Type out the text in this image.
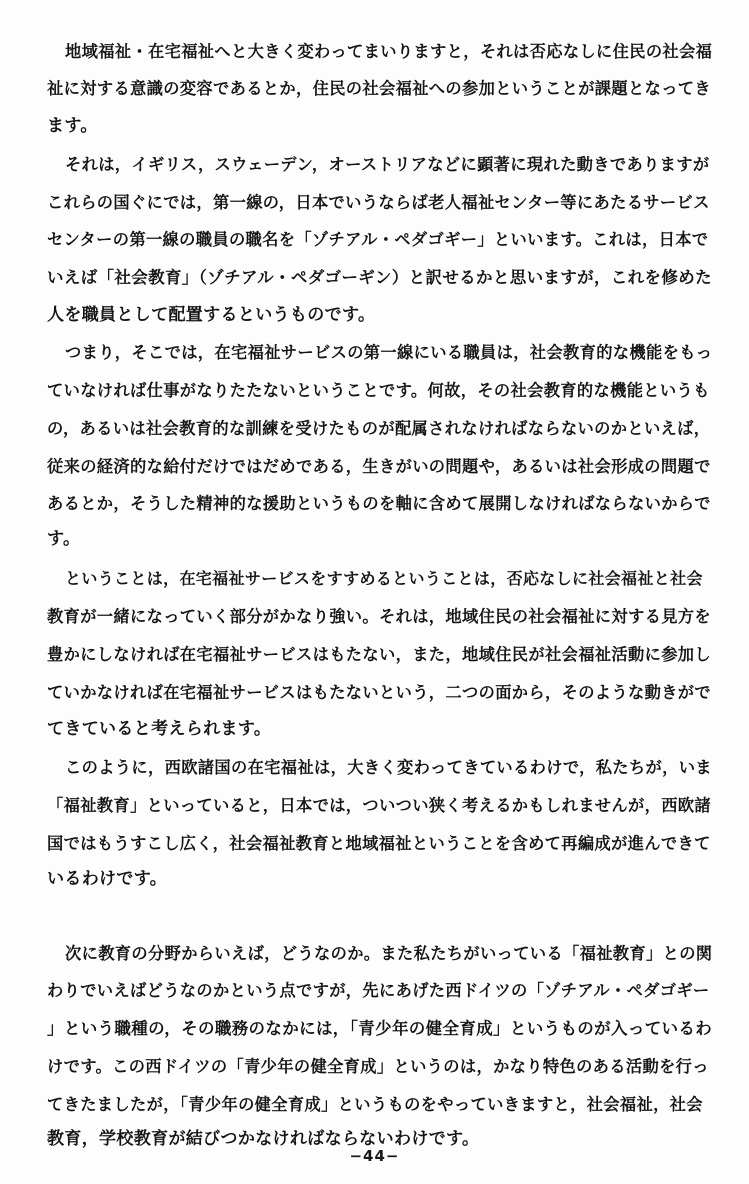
地域福祉・在宅福祉へと大きく変わってまいりますと，それは否応なしに住民の社会福
祉に対する意識の変容であるとか，住民の社会福祉への参加ということが課題となってき
ます。
それは，イギリス，スウェーデン，オーストリアなどに顕著に現れた動きでありますが
これらの国ぐにでは，第一線の，日本でいうならば老人福祉センター等にあたるサービス
センターの第一線の職員の職名を「ゾチアル・ペダゴギー」といいます。これは，日本で
いえば「社会教育」（ゾチアル・ペダゴーギン）と訳せるかと思いますが，これを修めた
人を職員として配置するというものです。
つまり，そこでは，在宅福祉サービスの第一線にいる職員は，社会教育的な機能をもっ
ていなければ仕事がなりたたないということです。何故，その社会教育的な機能というも
の，あるいは社会教育的な訓練を受けたものが配属されなければならないのかといえば，
従来の経済的な給付だけではだめである，生きがいの問題や，あるいは社会形成の問題で
あるとか，そうした精神的な援助というものを軸に含めて展開しなければならないからで
す。
ということは，在宅福祉サービスをすすめるということは，否応なしに社会福祉と社会
教育が一緒になっていく部分がかなり強い。それは，地域住民の社会福祉に対する見方を
豊かにしなければ在宅福祉サービスはもたない，また，地域住民が社会福祉活動に参加し
ていかなければ在宅福祉サービスはもたないという，二つの面から，そのような動きがで
てきていると考えられます。
このように，西欧諸国の在宅福祉は，大きく変わってきているわけで，私たちが，いま
「福祉教育」といっていると，日本では，ついつい狭く考えるかもしれませんが，西欧諸
国ではもうすこし広く，社会福祉教育と地域福祉ということを含めて再編成が進んできて
いるわけです。
次に教育の分野からいえば，どうなのか。また私たちがいっている「福祉教育」との関
わりでいえばどうなのかという点ですが，先にあげた西ドイツの「ゾチアル・ペダゴギー
」という職種の，その職務のなかには，「青少年の健全育成」というものが入っているわ
けです。この西ドイツの「青少年の健全育成」というのは，かなり特色のある活動を行っ
てきたましたが，「青少年の健全育成」というものをやっていきますと，社会福祉，社会
教育，学校教育が結びつかなければならないわけです。
−44−
